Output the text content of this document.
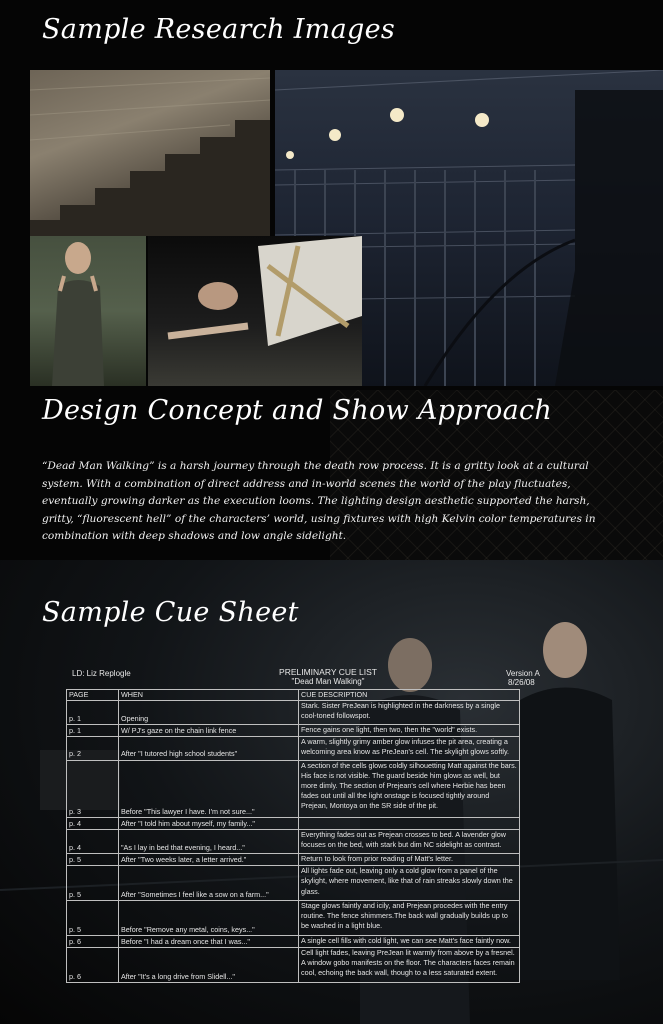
Sample Research Images
Design Concept and Show Approach

“Dead Man Walking” is a harsh journey through the death row process. It is a gritty look at a cultural system. With a combination of direct address and in-world scenes the world of the play fluctuates, eventually growing darker as the execution looms. The lighting design aesthetic supported the harsh, gritty, “fluorescent hell” of the characters’ world, using fixtures with high Kelvin color temperatures in combination with deep shadows and low angle sidelight.

Sample Cue Sheet
LD: Liz Replogle	PRELIMINARY CUE LIST
"Dead Man Walking"
Version A
8/26/08
PAGE	WHEN	CUE DESCRIPTION
p. 1	Opening	Stark. Sister PreJean is highlighted in the darkness by a single cool-toned followspot.
p. 1	W/ PJ's gaze on the chain link fence	Fence gains one light, then two, then the "world" exists.
p. 2	After "I tutored high school students"	A warm, slightly grimy amber glow infuses the pit area, creating a welcoming area know as PreJean's cell. The skylight glows softly.
p. 3	Before "This lawyer I have. I'm not sure..."	A section of the cells glows coldly silhouetting Matt against the bars. His face is not visible. The guard beside him glows as well, but more dimly. The section of Prejean's cell where Herbie has been fades out until all the light onstage is focused tightly around Prejean, Montoya on the SR side of the pit.
p. 4	After "I told him about myself, my family..."	
p. 4	"As I lay in bed that evening, I heard..."	Everything fades out as Prejean crosses to bed. A lavender glow focuses on the bed, with stark but dim NC sidelight as contrast.
p. 5	After "Two weeks later, a letter arrived."	Return to look from prior reading of Matt's letter.
p. 5	After "Sometimes I feel like a sow on a farm..."	All lights fade out, leaving only a cold glow from a panel of the skylight, where movement, like that of rain streaks slowly down the glass.
p. 5	Before "Remove any metal, coins, keys..."	Stage glows faintly and icily, and Prejean procedes with the entry routine. The fence shimmers.The back wall gradually builds up to be washed in a light blue.
p. 6	Before "I had a dream once that I was..."	A single cell fills with cold light, we can see Matt's face faintly now.
p. 6	After "It's a long drive from Slidell..."	Cell light fades, leaving PreJean lit warmly from above by a fresnel. A window gobo manifests on the floor. The characters faces remain cool, echoing the back wall, though to a less saturated extent.
